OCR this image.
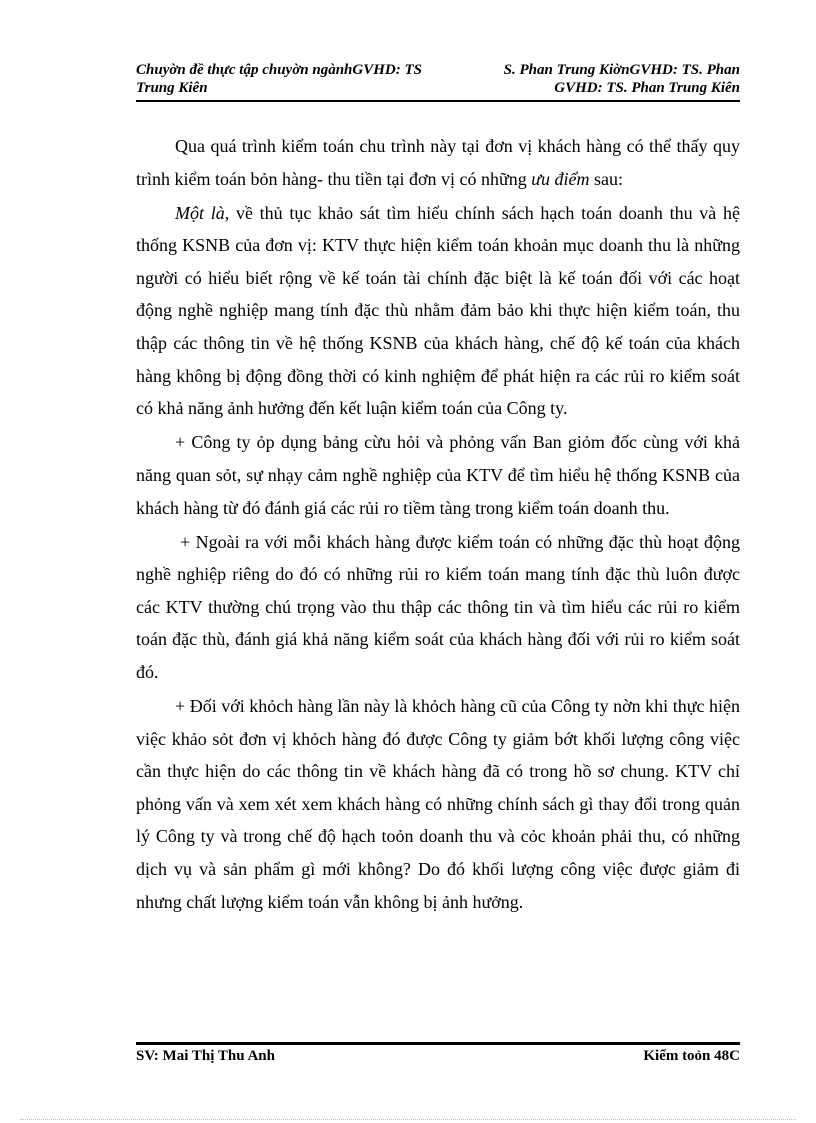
Chuyờn đề thực tập chuyờn ngànhGVHD: TS	S. Phan Trung KiờnGVHD: TS. Phan
Trung Kiên	GVHD: TS. Phan Trung Kiên

Qua quá trình kiểm toán chu trình này tại đơn vị khách hàng có thể thấy quy trình kiểm toán bỏn hàng- thu tiền tại đơn vị có những ưu điểm sau:

Một là, về thủ tục khảo sát tìm hiểu chính sách hạch toán doanh thu và hệ thống KSNB của đơn vị: KTV thực hiện kiểm toán khoản mục doanh thu là những người có hiểu biết rộng về kế toán tài chính đặc biệt là kế toán đối với các hoạt động nghề nghiệp mang tính đặc thù nhằm đảm bảo khi thực hiện kiểm toán, thu thập các thông tin về hệ thống KSNB của khách hàng, chế độ kế toán của khách hàng không bị động đồng thời có kinh nghiệm để phát hiện ra các rủi ro kiểm soát có khả năng ảnh hưởng đến kết luận kiểm toán của Công ty.

+ Công ty ỏp dụng bảng cừu hỏi và phỏng vấn Ban giỏm đốc cùng với khả năng quan sỏt, sự nhạy cảm nghề nghiệp của KTV để tìm hiểu hệ thống KSNB của khách hàng từ đó đánh giá các rủi ro tiềm tàng trong kiểm toán doanh thu.

+ Ngoài ra với mỗi khách hàng được kiểm toán có những đặc thù hoạt động nghề nghiệp riêng do đó có những rủi ro kiểm toán mang tính đặc thù luôn được các KTV thường chú trọng vào thu thập các thông tin và tìm hiểu các rủi ro kiểm toán đặc thù, đánh giá khả năng kiểm soát của khách hàng đối với rủi ro kiểm soát đó.

+ Đối với khỏch hàng lần này là khỏch hàng cũ của Công ty nờn khi thực hiện việc khảo sỏt đơn vị khỏch hàng đó được Công ty giảm bớt khối lượng công việc cần thực hiện do các thông tin về khách hàng đã có trong hồ sơ chung. KTV chỉ phỏng vấn và xem xét xem khách hàng có những chính sách gì thay đổi trong quản lý Công ty và trong chế độ hạch toỏn doanh thu và cỏc khoản phải thu, có những dịch vụ và sản phẩm gì mới không? Do đó khối lượng công việc được giảm đi nhưng chất lượng kiểm toán vẫn không bị ảnh hưởng.

SV: Mai Thị Thu Anh	Kiểm toỏn 48C
